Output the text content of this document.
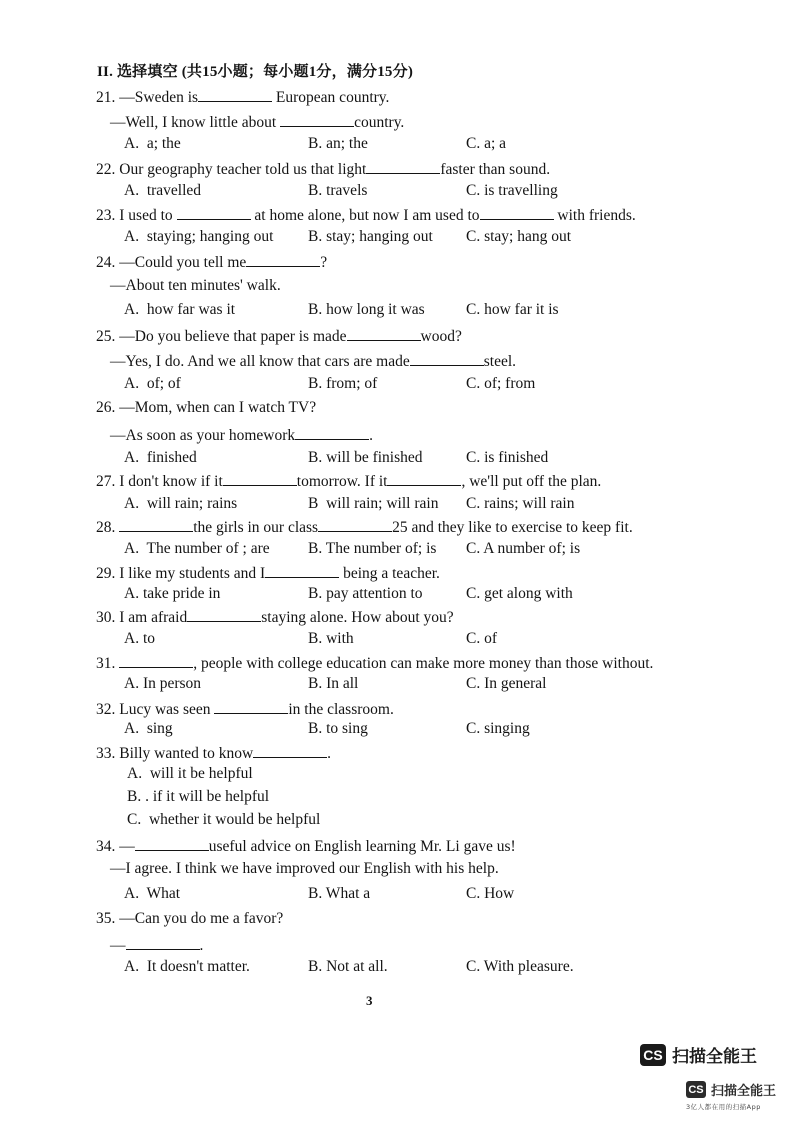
II. 选择填空 (共15小题；每小题1分，满分15分)
21. —Sweden is	European country.
—Well, I know little about	country.
A.  a; the	B. an; the	C. a; a
22. Our geography teacher told us that light	faster than sound.
A.  travelled	B. travels	C. is travelling
23. I used to	at home alone, but now I am used to	with friends.
A.  staying; hanging out B. stay; hanging out C. stay; hang out
24. —Could you tell me	?
—About ten minutes' walk.
A.  how far was it	B. how long it was	C. how far it is
25. —Do you believe that paper is made	wood?
—Yes, I do. And we all know that cars are made	steel.
A.  of; of	B. from; of	C. of; from
26. —Mom, when can I watch TV?
—As soon as your homework	.
A.  finished	B. will be finished	C. is finished
27. I don't know if it	tomorrow. If it	, we'll put off the plan.
A.  will rain; rains	B  will rain; will rain C. rains; will rain
28.	the girls in our class	25 and they like to exercise to keep fit.
A.  The number of ; are B. The number of; is C. A number of; is
29. I like my students and I	being a teacher.
A. take pride in	B. pay attention to	C. get along with
30. I am afraid	staying alone. How about you?
A. to	B. with	C. of
31.	, people with college education can make more money than those without.
A. In person	B. In all	C. In general
32. Lucy was seen	in the classroom.
A.  sing	B. to sing	C. singing
33. Billy wanted to know	.
A.  will it be helpful
B. . if it will be helpful
C.  whether it would be helpful
34. —	useful advice on English learning Mr. Li gave us!
—I agree. I think we have improved our English with his help.
A.  What	B. What a	C. How
35. —Can you do me a favor?
—	.
A.  It doesn't matter.	B. Not at all.	C. With pleasure.
3
CS 扫描全能王
CS 扫描全能王
3亿人都在用的扫描App
